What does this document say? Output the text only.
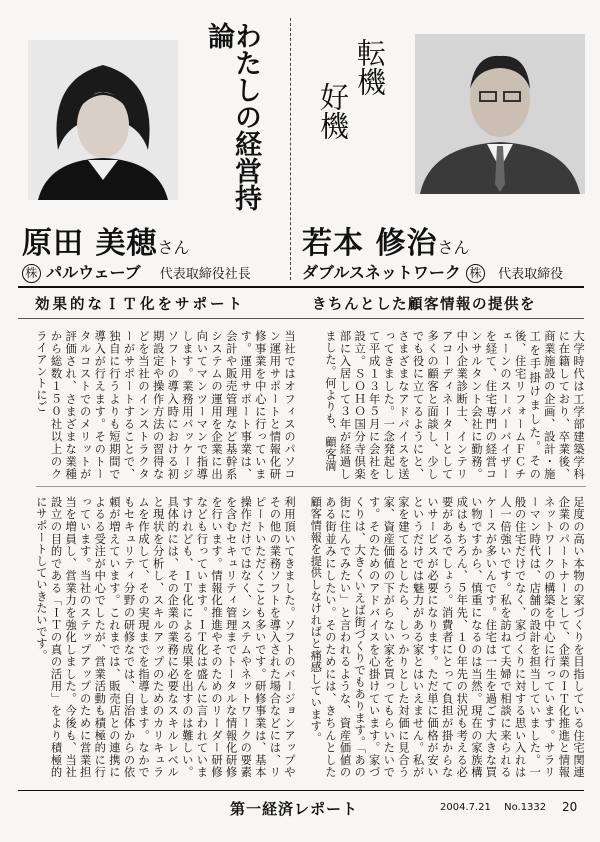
わたしの経営持論
転機
好機
原田 美穂さん
株 パルウェーブ 代表取締役社長
若本 修治さん
ダブルスネットワーク 株 代表取締役
効果的なＩＴ化をサポート	きちんとした顧客情報の提供を
大学時代は工学部建築学科に在籍しており、卒業後、商業施設の企画、設計・施工を手掛けました。その後、住宅リフォームＦＣチェーンのスーパーバイザーを経て、住宅専門の経営コンサルタント会社に勤務。中小企業診断士、インテリアコーディネーターとして多くの顧客と面談し、少しでも役に立てるようにと、さまざまなアドバイスを送ってきました。一念発起して平成１３年５月に会社を設立。ＳＯＨＯ国分寺倶楽部に入居して３年が経過しました。何よりも、顧客満
当社ではオフィスのパソコン運用サポートと情報化研修事業を中心に行っています。運用サポート事業は、会計や販売管理など基幹系システムの運用を企業に出向いてマンツーマンで指導します。業務用パッケージソフトの導入時における初期設定や操作方法の習得などを当社のインストラクターがサポートすることで、独自に行うよりも短期間で導入が行えます。そのトータルコストでのメリットが評価され、さまざまな業種から総数１５０社以上のクライアントにご
足度の高い本物の家づくりを目指している住宅関連企業のパートナーとして、企業のＩＴ化推進と情報ネットワークの構築を中心に行っています。サラリーマン時代は、店舗の設計を担当していました。一般の住宅だけでなく、家づくりに対する思い入れは人一倍強いです。私を訪ねて夫婦で相談に来られるケースが多いんです。住宅は一生を過ごす大きな買い物ですから、慎重になるのは当然。現在の家族構成はもちろん、５年先、１０年先の状況も考える必要があるでしょう。消費者にとって負担が掛からないサービスが必要になります。ただ単に価格が安いというだけでは魅力がある家とはいえません。私が家を建てるとしたら、しっかりとした対価に見合う家、資産価値の下がらない家を買ってもらいたいです。そのためのアドバイスを心掛けています。家づくりは、大きくいえば街づくりでもあります。「あの街に住んでみたい」と言われるような、資産価値のある街並みにしたい。そのためには、きちんとした顧客情報を提供しなければと痛感しています。
利用頂いてきました。ソフトのバージョンアップやその他の業務ソフトを導入された場合などには、リピートいただくことも多いです。研修事業は、基本操作だけではなく、システムやネットワークの要素を含むセキュリティ管理までトータルな情報化研修を行います。情報化推進やそのためのリーダー研修なども行っています。ＩＴ化は盛んに言われていますけれども、ＩＴ化による成果を出すのは難しい。具体的には、その企業の業務に必要なスキルレベルと現状を分析し、スキルアップのためのカリキュラムを作成して、その実現までを指導します。なかでもセキュリティ分野の研修なでは、自治体からの依頼が増えています。これまでは、販売店との連携によるる受注が中心でしたが、営業活動も積極的に行っています。当社のステップアップのために営業担当を増員し、営業力を強化しました。今後も、当社設立の目的である「ＩＴの真の活用」をより積極的にサポートしていきたいです。
第一経済レポート	2004.7.21 No.1332 20
